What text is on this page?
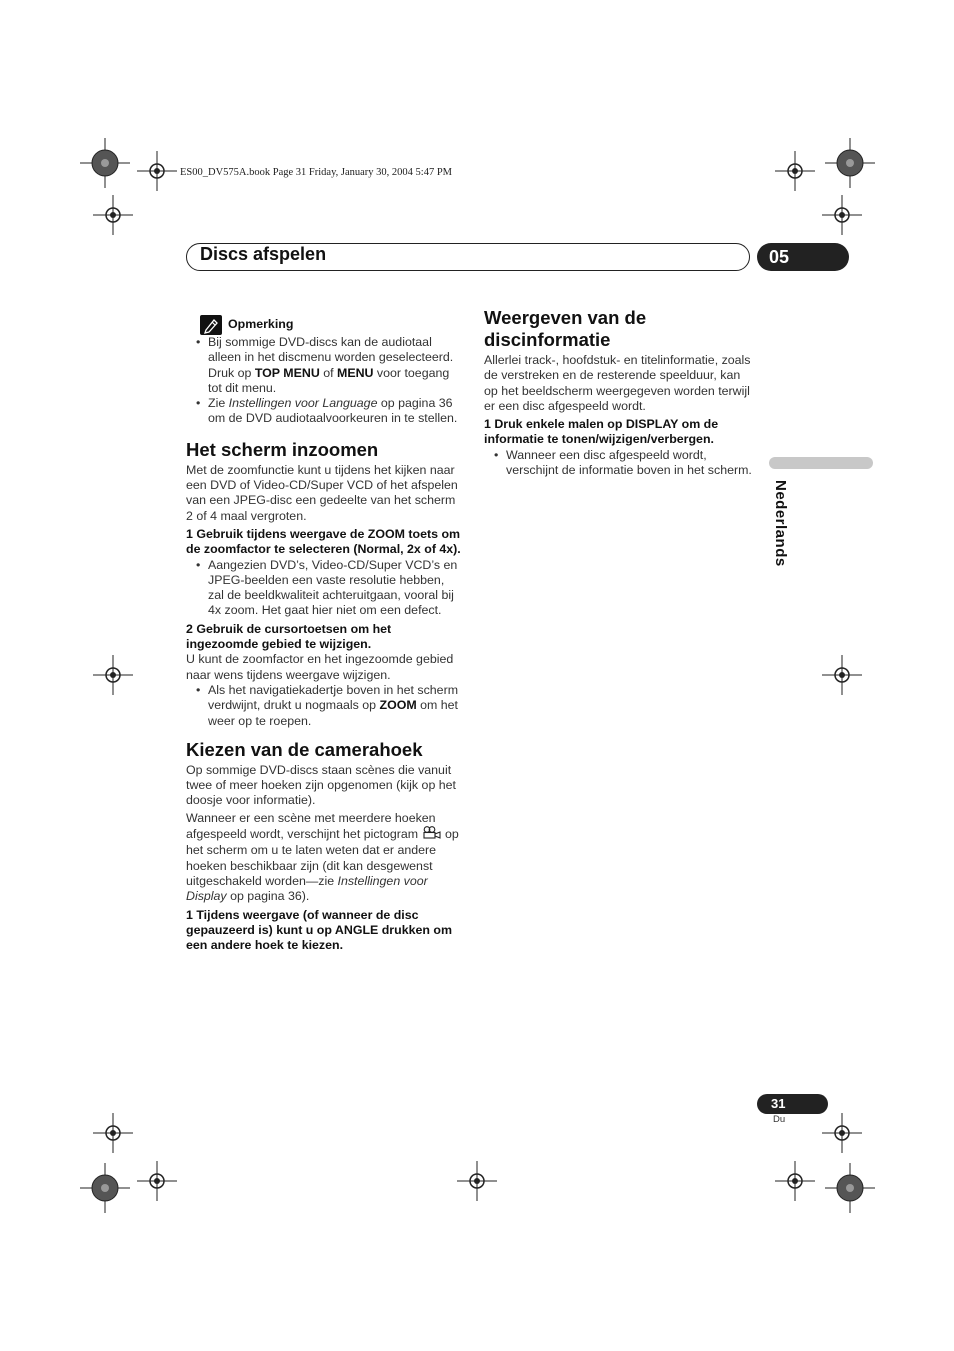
ES00_DV575A.book Page 31 Friday, January 30, 2004 5:47 PM
Discs afspelen	05
Nederlands
Opmerking

• Bij sommige DVD-discs kan de audiotaal alleen in het discmenu worden geselecteerd. Druk op TOP MENU of MENU voor toegang tot dit menu.

• Zie Instellingen voor Language op pagina 36 om de DVD audiotaalvoorkeuren in te stellen.

Het scherm inzoomen

Met de zoomfunctie kunt u tijdens het kijken naar een DVD of Video-CD/Super VCD of het afspelen van een JPEG-disc een gedeelte van het scherm 2 of 4 maal vergroten.

1 Gebruik tijdens weergave de ZOOM toets om de zoomfactor te selecteren (Normal, 2x of 4x).

• Aangezien DVD’s, Video-CD/Super VCD’s en JPEG-beelden een vaste resolutie hebben, zal de beeldkwaliteit achteruitgaan, vooral bij 4x zoom. Het gaat hier niet om een defect.

2 Gebruik de cursortoetsen om het ingezoomde gebied te wijzigen.

U kunt de zoomfactor en het ingezoomde gebied naar wens tijdens weergave wijzigen.

• Als het navigatiekadertje boven in het scherm verdwijnt, drukt u nogmaals op ZOOM om het weer op te roepen.

Kiezen van de camerahoek

Op sommige DVD-discs staan scènes die vanuit twee of meer hoeken zijn opgenomen (kijk op het doosje voor informatie).

Wanneer er een scène met meerdere hoeken afgespeeld wordt, verschijnt het pictogram  op het scherm om u te laten weten dat er andere hoeken beschikbaar zijn (dit kan desgewenst uitgeschakeld worden—zie Instellingen voor Display op pagina 36).

1 Tijdens weergave (of wanneer de disc gepauzeerd is) kunt u op ANGLE drukken om een andere hoek te kiezen.

Weergeven van de discinformatie

Allerlei track-, hoofdstuk- en titelinformatie, zoals de verstreken en de resterende speelduur, kan op het beeldscherm weergegeven worden terwijl er een disc afgespeeld wordt.

1 Druk enkele malen op DISPLAY om de informatie te tonen/wijzigen/verbergen.

• Wanneer een disc afgespeeld wordt, verschijnt de informatie boven in het scherm.

31
Du
